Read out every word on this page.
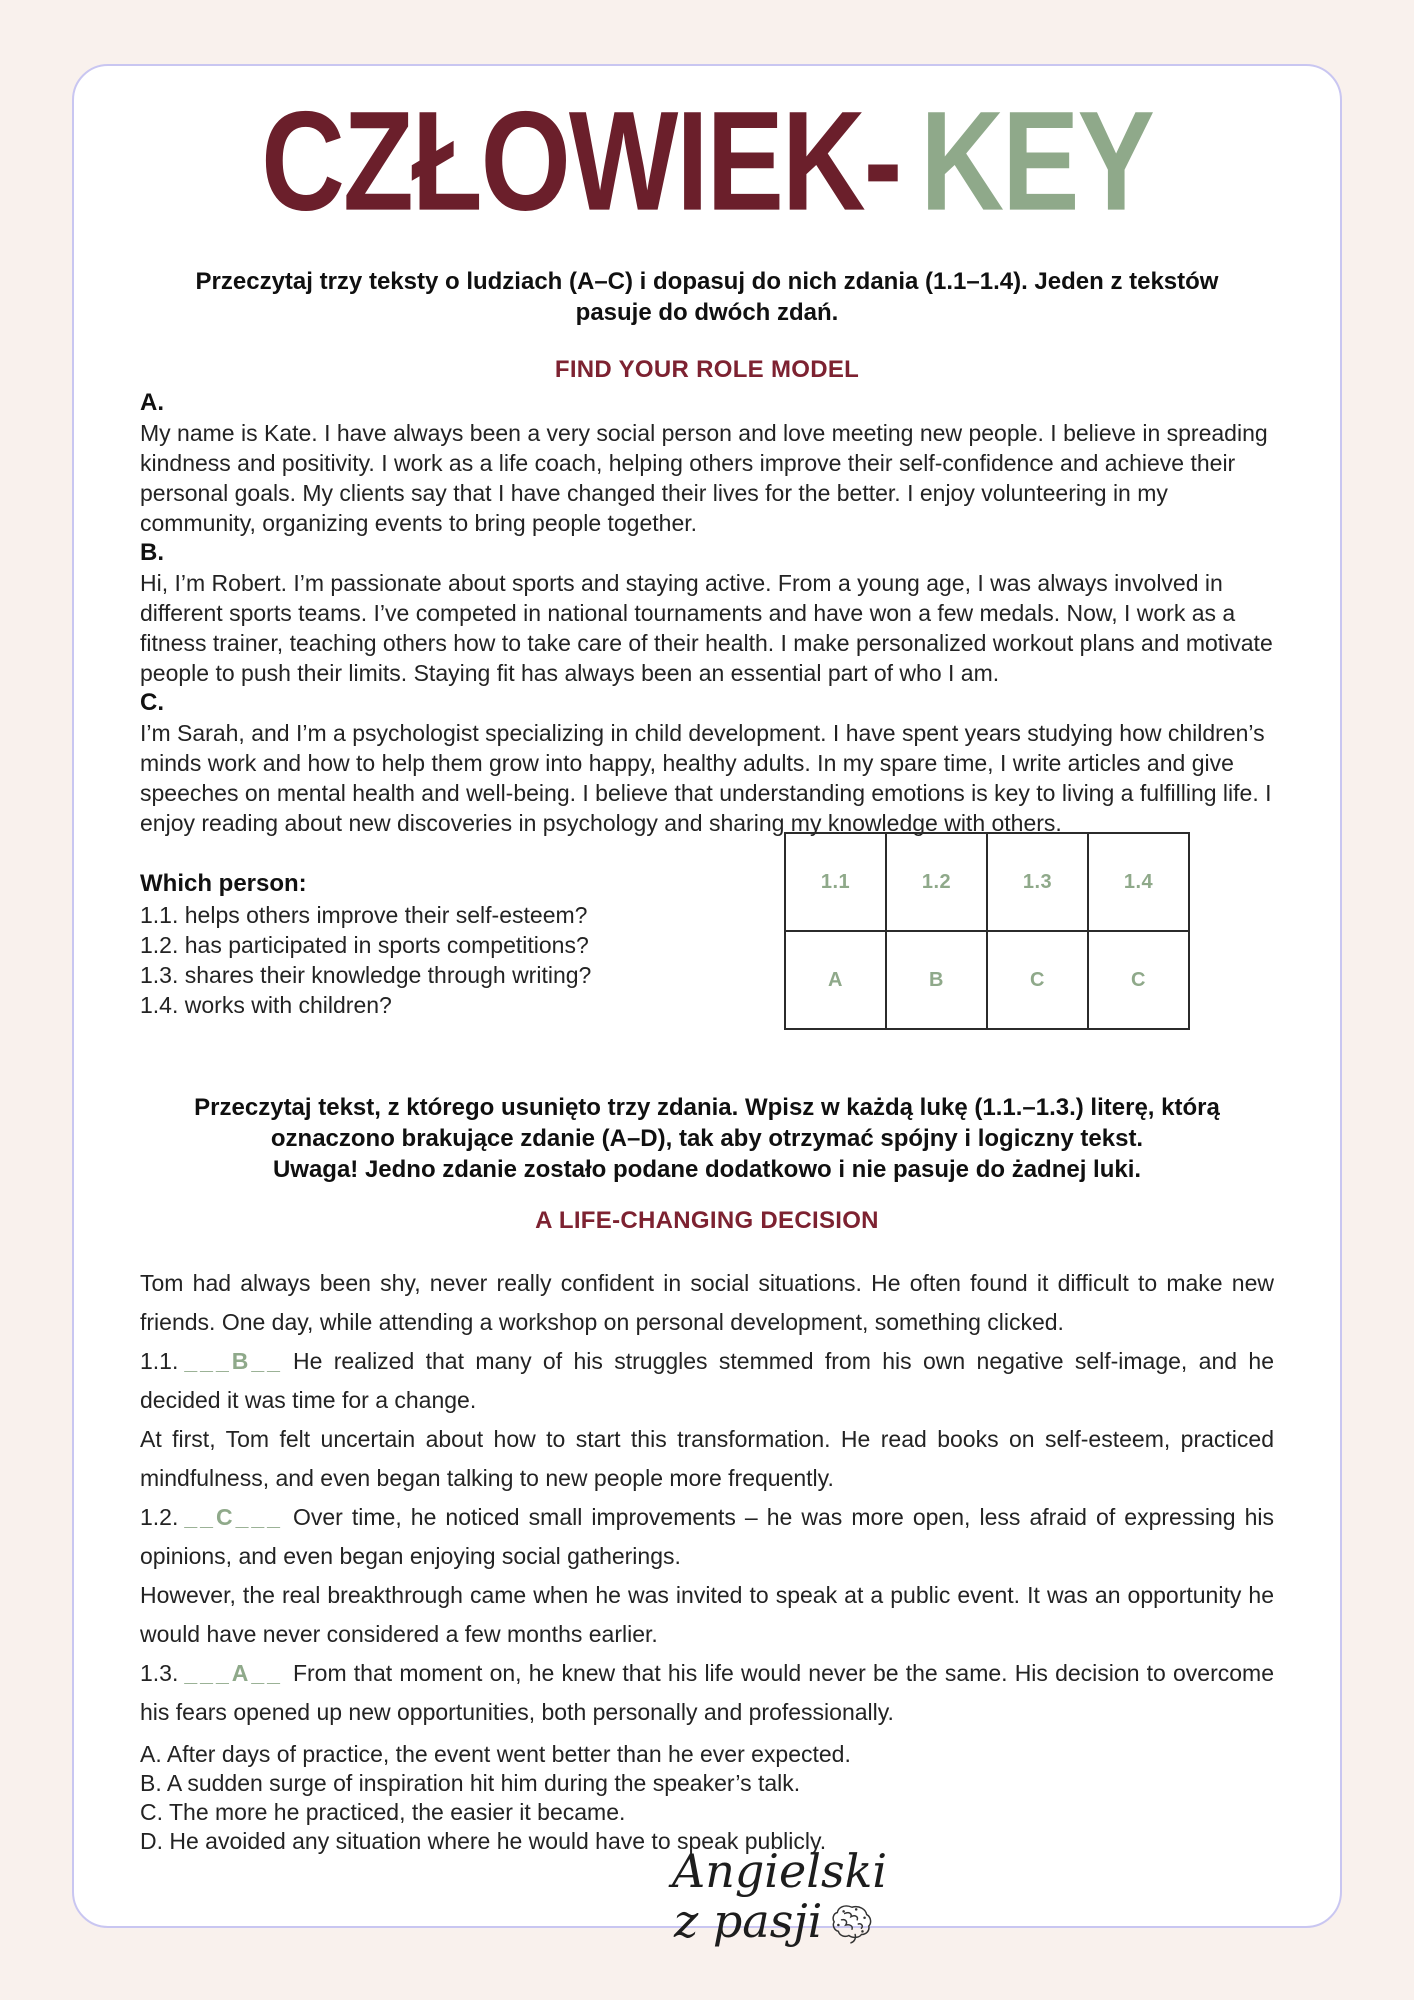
CZŁOWIEK- KEY

Przeczytaj trzy teksty o ludziach (A–C) i dopasuj do nich zdania (1.1–1.4). Jeden z tekstów pasuje do dwóch zdań.

FIND YOUR ROLE MODEL
A.

My name is Kate. I have always been a very social person and love meeting new people. I believe in spreading kindness and positivity. I work as a life coach, helping others improve their self-confidence and achieve their personal goals. My clients say that I have changed their lives for the better. I enjoy volunteering in my community, organizing events to bring people together.

B.

Hi, I’m Robert. I’m passionate about sports and staying active. From a young age, I was always involved in different sports teams. I’ve competed in national tournaments and have won a few medals. Now, I work as a fitness trainer, teaching others how to take care of their health. I make personalized workout plans and motivate people to push their limits. Staying fit has always been an essential part of who I am.

C.

I’m Sarah, and I’m a psychologist specializing in child development. I have spent years studying how children’s minds work and how to help them grow into happy, healthy adults. In my spare time, I write articles and give speeches on mental health and well-being. I believe that understanding emotions is key to living a fulfilling life. I enjoy reading about new discoveries in psychology and sharing my knowledge with others.

Which person:
1.1. helps others improve their self-esteem?
1.2. has participated in sports competitions?
1.3. shares their knowledge through writing?
1.4. works with children?
1.1	1.2	1.3	1.4
A	B	C	C

Przeczytaj tekst, z którego usunięto trzy zdania. Wpisz w każdą lukę (1.1.–1.3.) literę, którą oznaczono brakujące zdanie (A–D), tak aby otrzymać spójny i logiczny tekst.

Uwaga! Jedno zdanie zostało podane dodatkowo i nie pasuje do żadnej luki.

A LIFE-CHANGING DECISION

Tom had always been shy, never really confident in social situations. He often found it difficult to make new friends. One day, while attending a workshop on personal development, something clicked.

1.1. ___B__ He realized that many of his struggles stemmed from his own negative self-image, and he decided it was time for a change.

At first, Tom felt uncertain about how to start this transformation. He read books on self-esteem, practiced mindfulness, and even began talking to new people more frequently.

1.2. __C___ Over time, he noticed small improvements – he was more open, less afraid of expressing his opinions, and even began enjoying social gatherings.

However, the real breakthrough came when he was invited to speak at a public event. It was an opportunity he would have never considered a few months earlier.

1.3. ___A__ From that moment on, he knew that his life would never be the same. His decision to overcome his fears opened up new opportunities, both personally and professionally.

A. After days of practice, the event went better than he ever expected.
B. A sudden surge of inspiration hit him during the speaker’s talk.
C. The more he practiced, the easier it became.
D. He avoided any situation where he would have to speak publicly.
Angielski
z pasji
